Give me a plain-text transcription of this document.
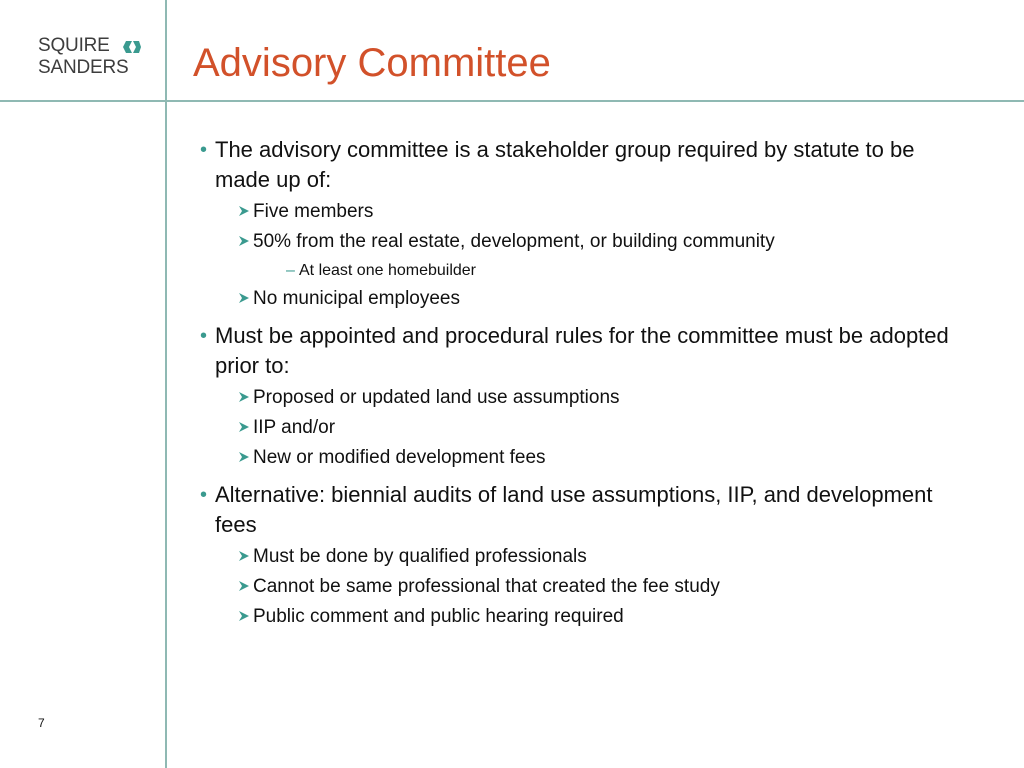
SQUIRE
SANDERS Advisory Committee
• The advisory committee is a stakeholder group required by statute to be made up of:
Five members
50% from the real estate, development, or building community
– At least one homebuilder
No municipal employees
• Must be appointed and procedural rules for the committee must be adopted prior to:
Proposed or updated land use assumptions
IIP and/or
New or modified development fees
• Alternative: biennial audits of land use assumptions, IIP, and development fees
Must be done by qualified professionals
Cannot be same professional that created the fee study
Public comment and public hearing required
7
